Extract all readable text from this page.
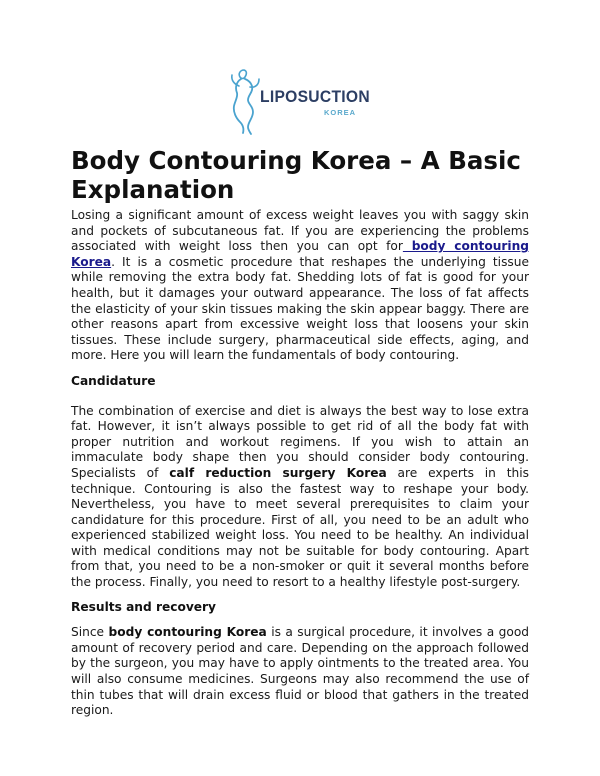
LIPOSUCTION
KOREA
Body Contouring Korea – A Basic Explanation

Losing a significant amount of excess weight leaves you with saggy skin and pockets of subcutaneous fat. If you are experiencing the problems associated with weight loss then you can opt for body contouring Korea. It is a cosmetic procedure that reshapes the underlying tissue while removing the extra body fat. Shedding lots of fat is good for your health, but it damages your outward appearance. The loss of fat affects the elasticity of your skin tissues making the skin appear baggy. There are other reasons apart from excessive weight loss that loosens your skin tissues. These include surgery, pharmaceutical side effects, aging, and more. Here you will learn the fundamentals of body contouring.

Candidature

The combination of exercise and diet is always the best way to lose extra fat. However, it isn’t always possible to get rid of all the body fat with proper nutrition and workout regimens. If you wish to attain an immaculate body shape then you should consider body contouring. Specialists of calf reduction surgery Korea are experts in this technique. Contouring is also the fastest way to reshape your body. Nevertheless, you have to meet several prerequisites to claim your candidature for this procedure. First of all, you need to be an adult who experienced stabilized weight loss. You need to be healthy. An individual with medical conditions may not be suitable for body contouring. Apart from that, you need to be a non-smoker or quit it several months before the process. Finally, you need to resort to a healthy lifestyle post-surgery.

Results and recovery

Since body contouring Korea is a surgical procedure, it involves a good amount of recovery period and care. Depending on the approach followed by the surgeon, you may have to apply ointments to the treated area. You will also consume medicines. Surgeons may also recommend the use of thin tubes that will drain excess fluid or blood that gathers in the treated region.
